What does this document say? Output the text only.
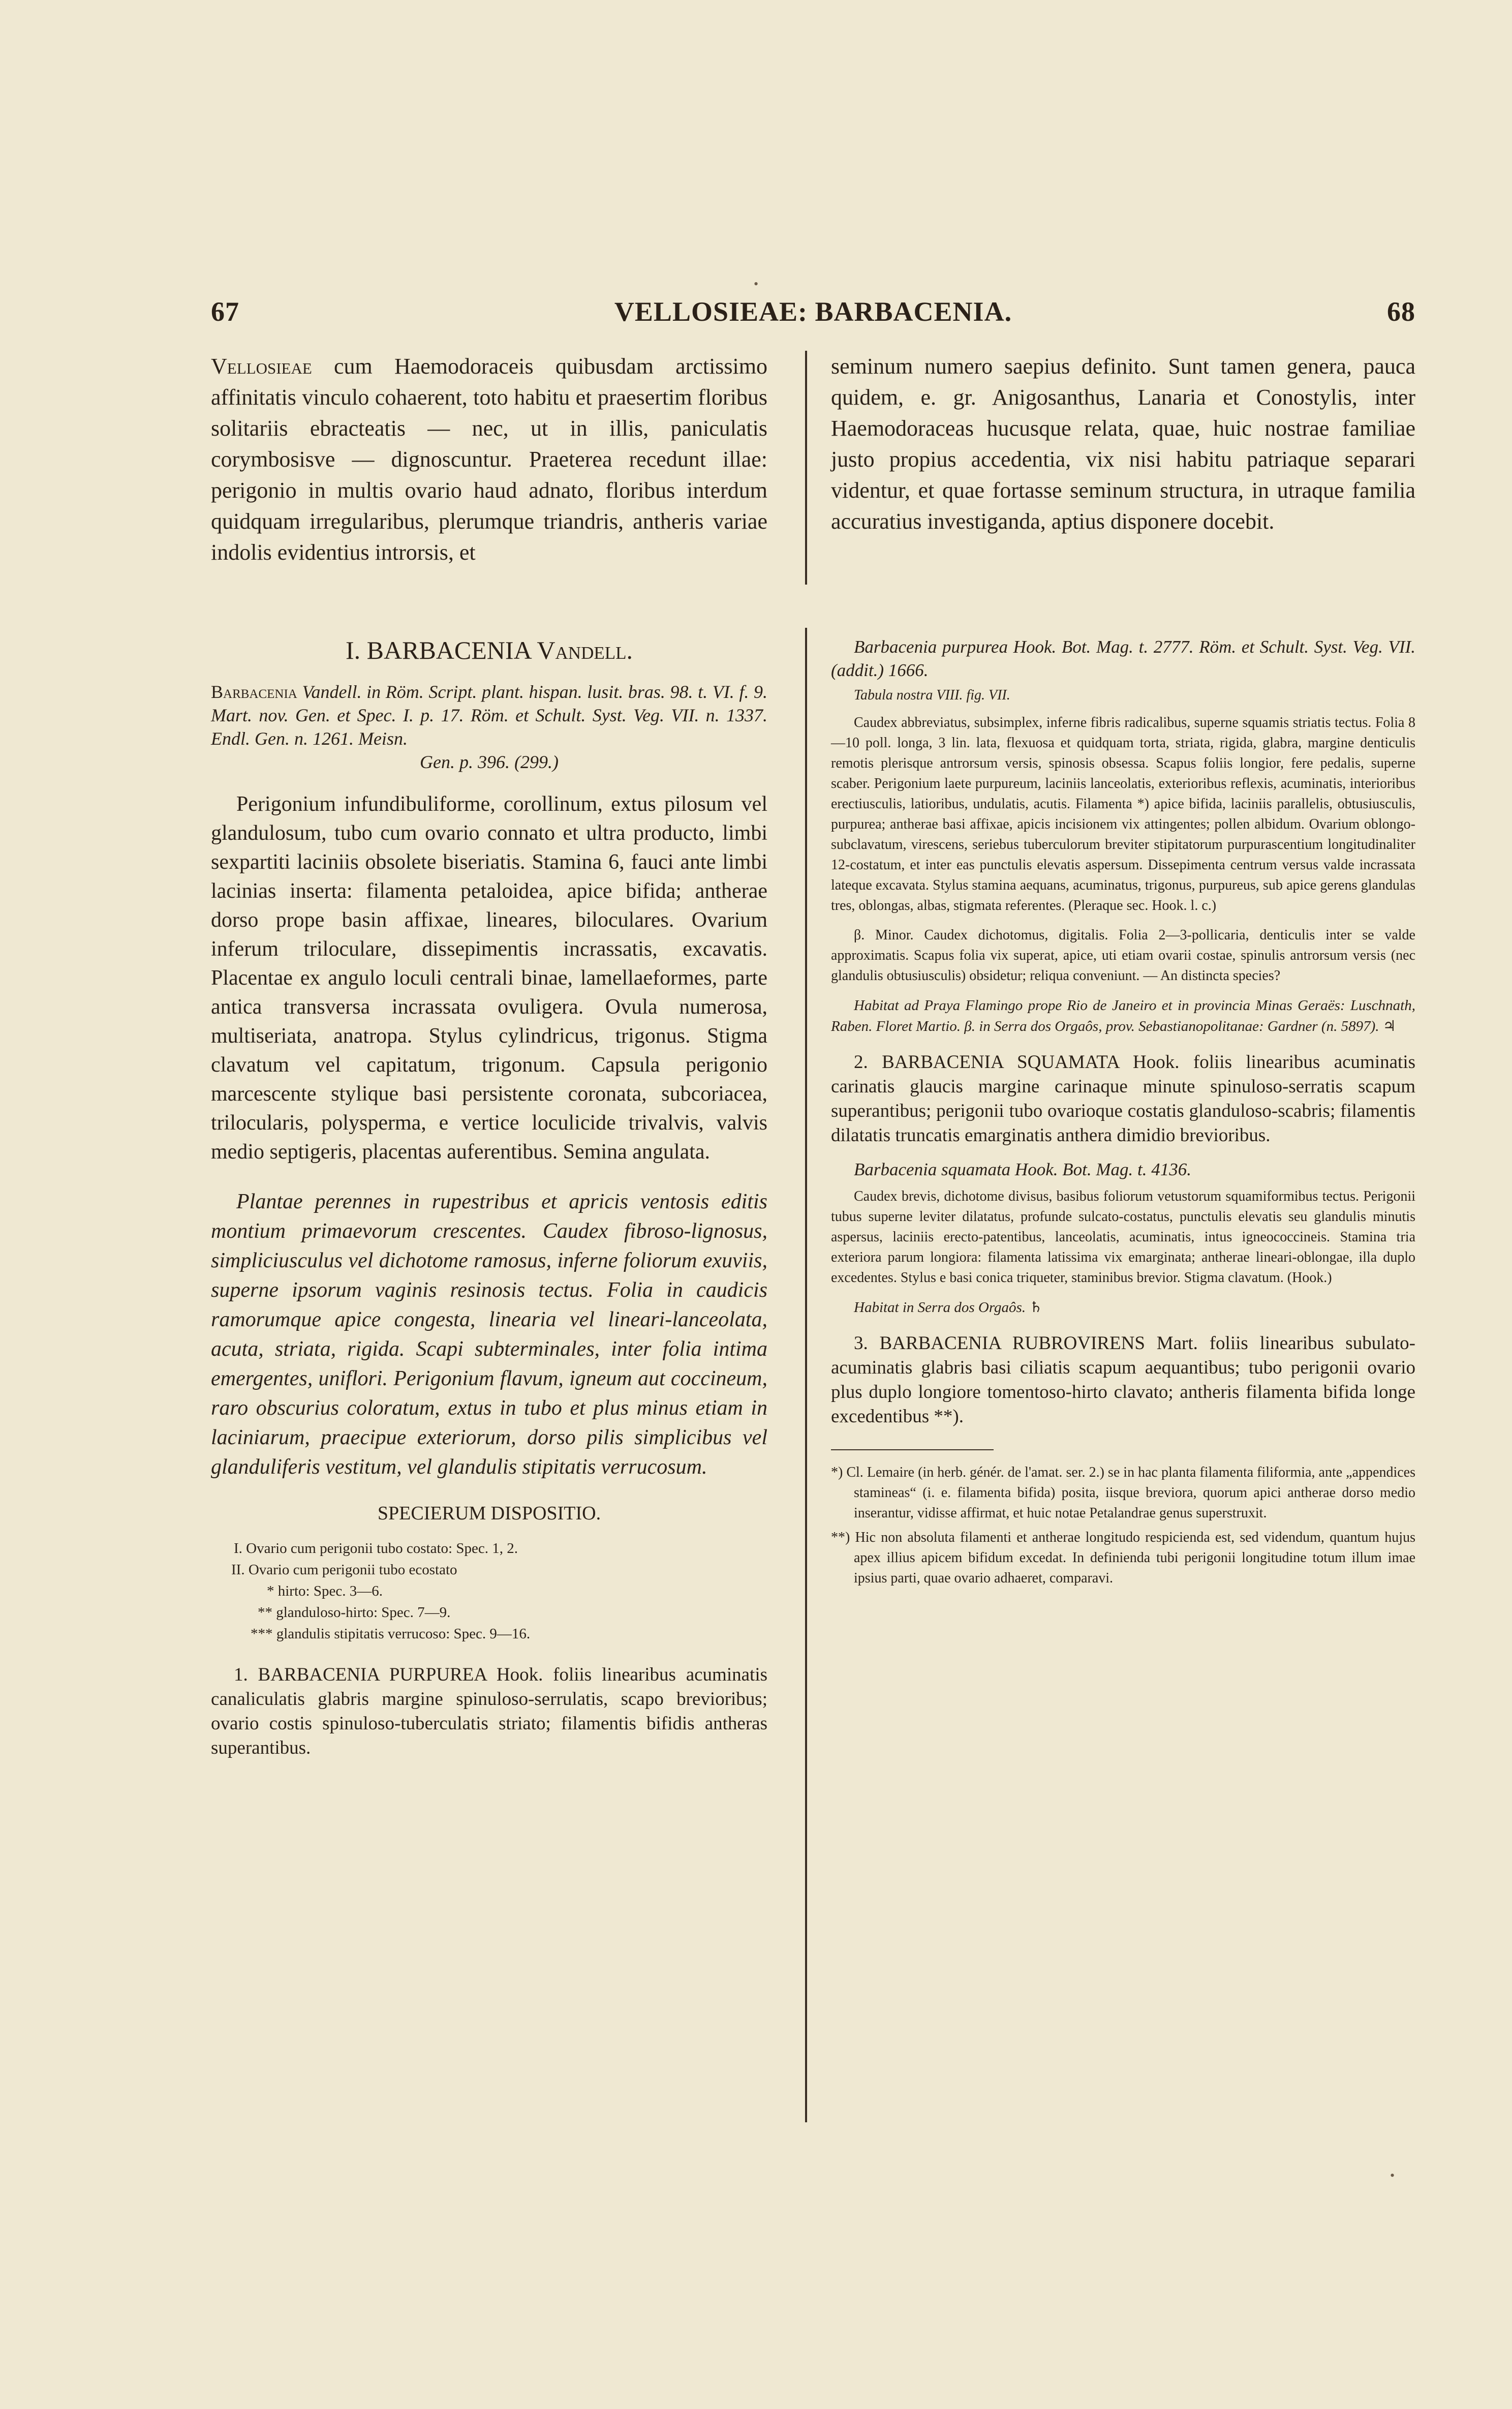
•
67	VELLOSIEAE: BARBACENIA.	68

Vellosieae cum Haemodoraceis quibusdam arctissimo affinitatis vinculo cohaerent, toto habitu et praesertim floribus solitariis ebracteatis — nec, ut in illis, paniculatis corymbosisve — dignoscuntur. Praeterea recedunt illae: perigonio in multis ovario haud adnato, floribus interdum quidquam irregularibus, plerumque triandris, antheris variae indolis evidentius introrsis, et

seminum numero saepius definito. Sunt tamen genera, pauca quidem, e. gr. Anigosanthus, Lanaria et Conostylis, inter Haemodoraceas hucusque relata, quae, huic nostrae familiae justo propius accedentia, vix nisi habitu patriaque separari videntur, et quae fortasse seminum structura, in utraque familia accuratius investiganda, aptius disponere docebit.

I. BARBACENIA Vandell.
Barbacenia Vandell. in Röm. Script. plant. hispan. lusit. bras. 98. t. VI. f. 9. Mart. nov. Gen. et Spec. I. p. 17. Röm. et Schult. Syst. Veg. VII. n. 1337. Endl. Gen. n. 1261. Meisn.
Gen. p. 396. (299.)

Perigonium infundibuliforme, corollinum, extus pilosum vel glandulosum, tubo cum ovario connato et ultra producto, limbi sexpartiti laciniis obsolete biseriatis. Stamina 6, fauci ante limbi lacinias inserta: filamenta petaloidea, apice bifida; antherae dorso prope basin affixae, lineares, biloculares. Ovarium inferum triloculare, dissepimentis incrassatis, excavatis. Placentae ex angulo loculi centrali binae, lamellaeformes, parte antica transversa incrassata ovuligera. Ovula numerosa, multiseriata, anatropa. Stylus cylindricus, trigonus. Stigma clavatum vel capitatum, trigonum. Capsula perigonio marcescente stylique basi persistente coronata, subcoriacea, trilocularis, polysperma, e vertice loculicide trivalvis, valvis medio septigeris, placentas auferentibus. Semina angulata.

Plantae perennes in rupestribus et apricis ventosis editis montium primaevorum crescentes. Caudex fibroso-lignosus, simpliciusculus vel dichotome ramosus, inferne foliorum exuviis, superne ipsorum vaginis resinosis tectus. Folia in caudicis ramorumque apice congesta, linearia vel lineari-lanceolata, acuta, striata, rigida. Scapi subterminales, inter folia intima emergentes, uniflori. Perigonium flavum, igneum aut coccineum, raro obscurius coloratum, extus in tubo et plus minus etiam in laciniarum, praecipue exteriorum, dorso pilis simplicibus vel glanduliferis vestitum, vel glandulis stipitatis verrucosum.

SPECIERUM DISPOSITIO.
I. Ovario cum perigonii tubo costato: Spec. 1, 2.
II. Ovario cum perigonii tubo ecostato
* hirto: Spec. 3—6.
** glanduloso-hirto: Spec. 7—9.
*** glandulis stipitatis verrucoso: Spec. 9—16.

1. BARBACENIA PURPUREA Hook. foliis linearibus acuminatis canaliculatis glabris margine spinuloso-serrulatis, scapo brevioribus; ovario costis spinuloso-tuberculatis striato; filamentis bifidis antheras superantibus.

Barbacenia purpurea Hook. Bot. Mag. t. 2777. Röm. et Schult. Syst. Veg. VII. (addit.) 1666.

Tabula nostra VIII. fig. VII.

Caudex abbreviatus, subsimplex, inferne fibris radicalibus, superne squamis striatis tectus. Folia 8—10 poll. longa, 3 lin. lata, flexuosa et quidquam torta, striata, rigida, glabra, margine denticulis remotis plerisque antrorsum versis, spinosis obsessa. Scapus foliis longior, fere pedalis, superne scaber. Perigonium laete purpureum, laciniis lanceolatis, exterioribus reflexis, acuminatis, interioribus erectiusculis, latioribus, undulatis, acutis. Filamenta *) apice bifida, laciniis parallelis, obtusiusculis, purpurea; antherae basi affixae, apicis incisionem vix attingentes; pollen albidum. Ovarium oblongo-subclavatum, virescens, seriebus tuberculorum breviter stipitatorum purpurascentium longitudinaliter 12-costatum, et inter eas punctulis elevatis aspersum. Dissepimenta centrum versus valde incrassata lateque excavata. Stylus stamina aequans, acuminatus, trigonus, purpureus, sub apice gerens glandulas tres, oblongas, albas, stigmata referentes. (Pleraque sec. Hook. l. c.)

β. Minor. Caudex dichotomus, digitalis. Folia 2—3-pollicaria, denticulis inter se valde approximatis. Scapus folia vix superat, apice, uti etiam ovarii costae, spinulis antrorsum versis (nec glandulis obtusiusculis) obsidetur; reliqua conveniunt. — An distincta species?

Habitat ad Praya Flamingo prope Rio de Janeiro et in provincia Minas Geraës: Luschnath, Raben. Floret Martio. β. in Serra dos Orgaôs, prov. Sebastianopolitanae: Gardner (n. 5897). ♃

2. BARBACENIA SQUAMATA Hook. foliis linearibus acuminatis carinatis glaucis margine carinaque minute spinuloso-serratis scapum superantibus; perigonii tubo ovarioque costatis glanduloso-scabris; filamentis dilatatis truncatis emarginatis anthera dimidio brevioribus.

Barbacenia squamata Hook. Bot. Mag. t. 4136.

Caudex brevis, dichotome divisus, basibus foliorum vetustorum squamiformibus tectus. Perigonii tubus superne leviter dilatatus, profunde sulcato-costatus, punctulis elevatis seu glandulis minutis aspersus, laciniis erecto-patentibus, lanceolatis, acuminatis, intus igneococcineis. Stamina tria exteriora parum longiora: filamenta latissima vix emarginata; antherae lineari-oblongae, illa duplo excedentes. Stylus e basi conica triqueter, staminibus brevior. Stigma clavatum. (Hook.)

Habitat in Serra dos Orgaôs. ♄

3. BARBACENIA RUBROVIRENS Mart. foliis linearibus subulato-acuminatis glabris basi ciliatis scapum aequantibus; tubo perigonii ovario plus duplo longiore tomentoso-hirto clavato; antheris filamenta bifida longe excedentibus **).

*) Cl. Lemaire (in herb. génér. de l'amat. ser. 2.) se in hac planta filamenta filiformia, ante „appendices stamineas“ (i. e. filamenta bifida) posita, iisque breviora, quorum apici antherae dorso medio inserantur, vidisse affirmat, et huic notae Petalandrae genus superstruxit.

**) Hic non absoluta filamenti et antherae longitudo respicienda est, sed videndum, quantum hujus apex illius apicem bifidum excedat. In definienda tubi perigonii longitudine totum illum imae ipsius parti, quae ovario adhaeret, comparavi.

•
